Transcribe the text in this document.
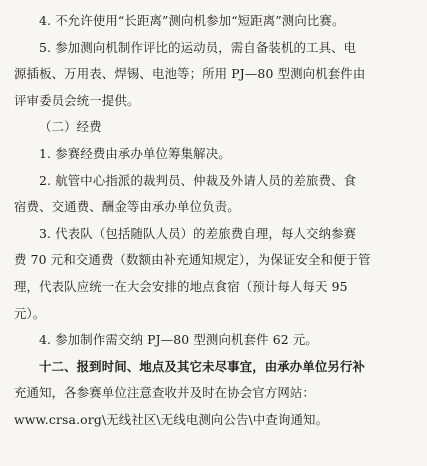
4. 不允许使用“长距离”测向机参加“短距离”测向比赛。
5. 参加测向机制作评比的运动员，需自备装机的工具、电
源插板、万用表、焊锡、电池等；所用 PJ—80 型测向机套件由
评审委员会统一提供。
（二）经费
1. 参赛经费由承办单位筹集解决。
2. 航管中心指派的裁判员、仲裁及外请人员的差旅费、食
宿费、交通费、酬金等由承办单位负责。
3. 代表队（包括随队人员）的差旅费自理，每人交纳参赛
费 70 元和交通费（数额由补充通知规定），为保证安全和便于管
理，代表队应统一在大会安排的地点食宿（预计每人每天 95
元）。
4. 参加制作需交纳 PJ—80 型测向机套件 62 元。
十二、报到时间、地点及其它未尽事宜，由承办单位另行补
充通知，各参赛单位注意查收并及时在协会官方网站：
www.crsa.org\无线社区\无线电测向公告\中查询通知。
